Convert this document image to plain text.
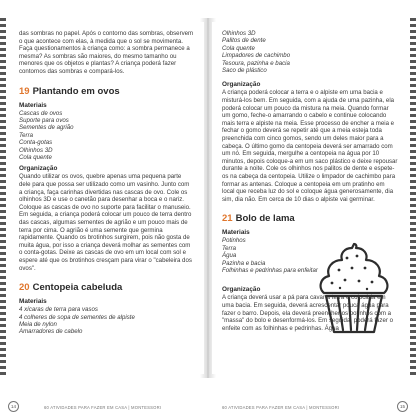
das sombras no papel. Após o contorno das sombras, observem o que acontece com elas, à medida que o sol se movimenta. Faça questionamentos à criança como: a sombra permanece a mesma? As sombras são maiores, do mesmo tamanho ou menores que os objetos e plantas? A criança poderá fazer contornos das sombras e compará-los.

19 Plantando em ovos
Materiais
Cascas de ovos
Suporte para ovos
Sementes de agrião
Terra
Conta-gotas
Olhinhos 3D
Cola quente
Organização

Quando utilizar os ovos, quebre apenas uma pequena parte dele para que possa ser utilizado como um vasinho. Junto com a criança, faça carinhas divertidas nas cascas de ovo. Cole os olhinhos 3D e use o canetão para desenhar a boca e o nariz. Coloque as cascas de ovo no suporte para facilitar o manuseio. Em seguida, a criança poderá colocar um pouco de terra dentro das cascas, algumas sementes de agrião e um pouco mais de terra por cima. O agrião é uma semente que germina rapidamente. Quando os brotinhos surgirem, pois não gosta de muita água, por isso a criança deverá molhar as sementes com o conta-gotas. Deixe as cascas de ovo em um local com sol e espere até que os brotinhos cresçam para virar o "cabeleira dos ovos".

20 Centopeia cabeluda
Materiais
4 xícaras de terra para vasos
4 colheres de sopa de sementes de alpiste
Meia de nylon
Amarradores de cabelo
14	60 ATIVIDADES PARA FAZER EM CASA | MONTESSORI
Olhinhos 3D
Palitos de dente
Cola quente
Limpadores de cachimbo
Tesoura, pazinha e bacia
Saco de plástico
Organização

A criança poderá colocar a terra e o alpiste em uma bacia e misturá-los bem. Em seguida, com a ajuda de uma pazinha, ela poderá colocar um pouco da mistura na meia. Quando formar um gomo, feche-o amarrando o cabelo e continue colocando mais terra e alpiste na meia. Esse processo de encher a meia e fechar o gomo deverá se repetir até que a meia esteja toda preenchida com cinco gomos, sendo um deles maior para a cabeça. O último gomo da centopeia deverá ser amarrado com um nó. Em seguida, mergulhe a centopeia na água por 10 minutos, depois coloque-a em um saco plástico e deixe repousar durante a noite. Cole os olhinhos nos palitos de dente e espete-os na cabeça da centopeia. Utilize o limpador de cachimbo para formar as antenas. Coloque a centopeia em um pratinho em local que receba luz do sol e coloque água generosamente, dia sim, dia não. Em cerca de 10 dias o alpiste vai germinar.

21 Bolo de lama
Materiais
Potinhos
Terra
Água
Pazinha e bacia
Folhinhas e pedrinhas para enfeitar
Organização

A criança deverá usar a pá para cavar a terra e colocá-la em uma bacia. Em seguida, deverá acrescentar pouca água para fazer o barro. Depois, ela deverá preencher os potinhos com a "massa" do bolo e desenformá-los. Em seguida, poderá fazer o enfeite com as folhinhas e pedrinhas. Água

60 ATIVIDADES PARA FAZER EM CASA | MONTESSORI	15
